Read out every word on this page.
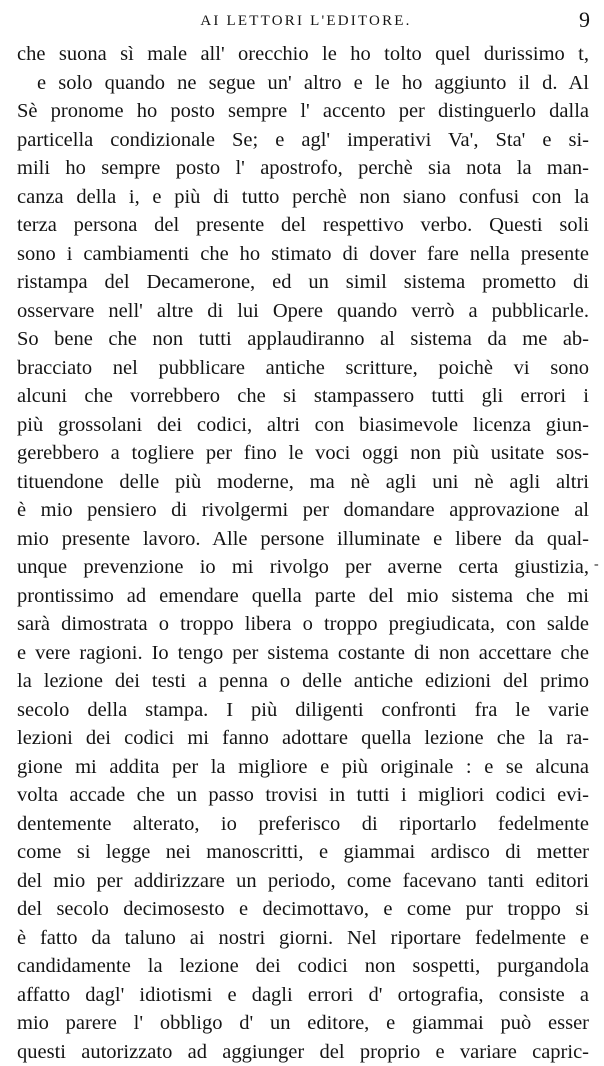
AI LETTORI L'EDITORE.	9
che suona sì male all' orecchio le ho tolto quel durissimo t,
e solo quando ne segue un' altro e le ho aggiunto il d. Al
Sè pronome ho posto sempre l' accento per distinguerlo dalla
particella condizionale Se; e agl' imperativi Va', Sta' e si-
mili ho sempre posto l' apostrofo, perchè sia nota la man-
canza della i, e più di tutto perchè non siano confusi con la
terza persona del presente del respettivo verbo. Questi soli
sono i cambiamenti che ho stimato di dover fare nella presente
ristampa del Decamerone, ed un simil sistema prometto di
osservare nell' altre di lui Opere quando verrò a pubblicarle.
So bene che non tutti applaudiranno al sistema da me ab-
bracciato nel pubblicare antiche scritture, poichè vi sono
alcuni che vorrebbero che si stampassero tutti gli errori i
più grossolani dei codici, altri con biasimevole licenza giun-
gerebbero a togliere per fino le voci oggi non più usitate sos-
tituendone delle più moderne, ma nè agli uni nè agli altri
è mio pensiero di rivolgermi per domandare approvazione al
mio presente lavoro. Alle persone illuminate e libere da qual-
unque prevenzione io mi rivolgo per averne certa giustizia,
prontissimo ad emendare quella parte del mio sistema che mi
sarà dimostrata o troppo libera o troppo pregiudicata, con salde
e vere ragioni. Io tengo per sistema costante di non accettare che
la lezione dei testi a penna o delle antiche edizioni del primo
secolo della stampa. I più diligenti confronti fra le varie
lezioni dei codici mi fanno adottare quella lezione che la ra-
gione mi addita per la migliore e più originale : e se alcuna
volta accade che un passo trovisi in tutti i migliori codici evi-
dentemente alterato, io preferisco di riportarlo fedelmente
come si legge nei manoscritti, e giammai ardisco di metter
del mio per addirizzare un periodo, come facevano tanti editori
del secolo decimosesto e decimottavo, e come pur troppo si
è fatto da taluno ai nostri giorni. Nel riportare fedelmente e
candidamente la lezione dei codici non sospetti, purgandola
affatto dagl' idiotismi e dagli errori d' ortografia, consiste a
mio parere l' obbligo d' un editore, e giammai può esser
questi autorizzato ad aggiunger del proprio e variare capric-
-
